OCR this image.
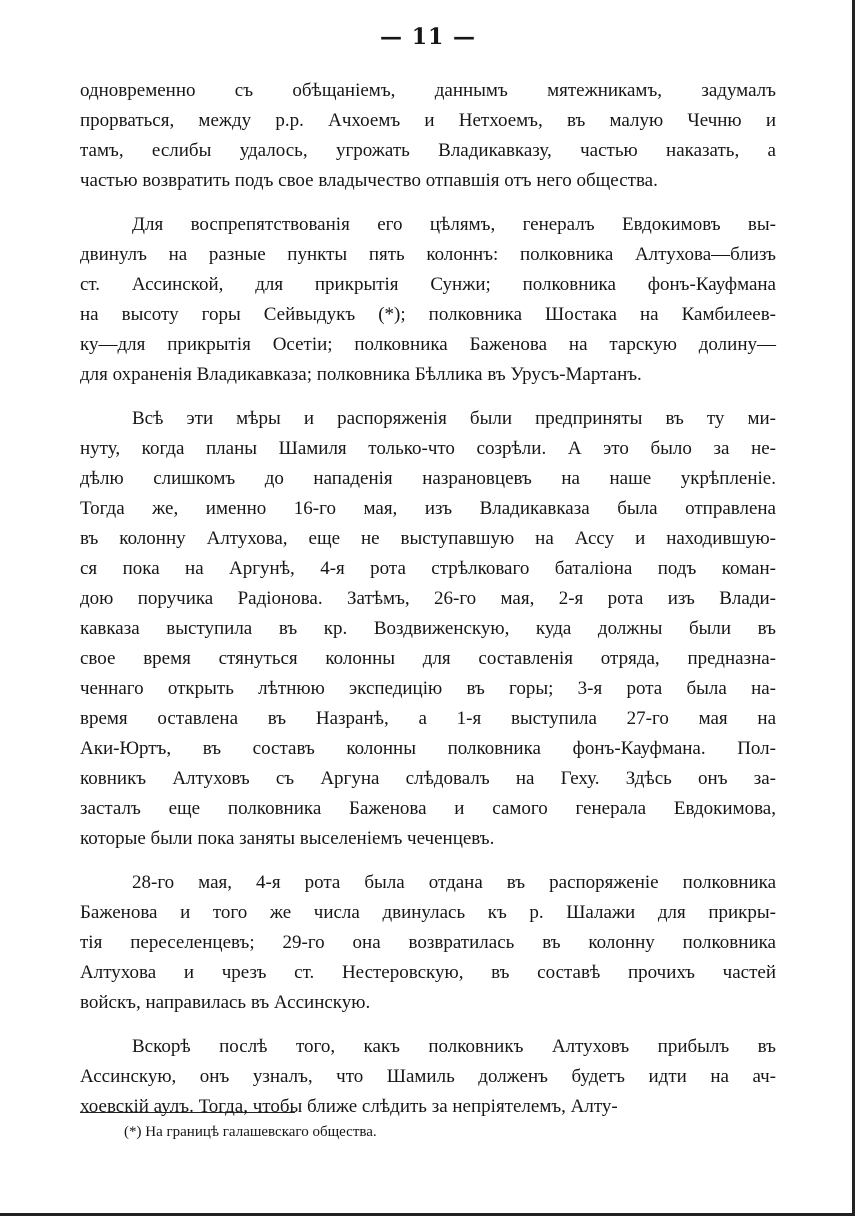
— 11 —
одновременно съ обѣщаніемъ, даннымъ мятежникамъ, задумалъ
прорваться, между р.р. Ачхоемъ и Нетхоемъ, въ малую Чечню и
тамъ, еслибы удалось, угрожать Владикавказу, частью наказать, а
частью возвратить подъ свое владычество отпавшія отъ него общества.
Для воспрепятствованія его цѣлямъ, генералъ Евдокимовъ вы-
двинулъ на разные пункты пять колоннъ: полковника Алтухова—близъ
ст. Ассинской, для прикрытія Сунжи; полковника фонъ-Кауфмана
на высоту горы Сейвыдукъ (*); полковника Шостака на Камбилеев-
ку—для прикрытія Осетіи; полковника Баженова на тарскую долину—
для охраненія Владикавказа; полковника Бѣллика въ Урусъ-Мартанъ.
Всѣ эти мѣры и распоряженія были предприняты въ ту ми-
нуту, когда планы Шамиля только-что созрѣли. А это было за не-
дѣлю слишкомъ до нападенія назрановцевъ на наше укрѣпленіе.
Тогда же, именно 16-го мая, изъ Владикавказа была отправлена
въ колонну Алтухова, еще не выступавшую на Ассу и находившую-
ся пока на Аргунѣ, 4-я рота стрѣлковаго баталіона подъ коман-
дою поручика Радіонова. Затѣмъ, 26-го мая, 2-я рота изъ Влади-
кавказа выступила въ кр. Воздвиженскую, куда должны были въ
свое время стянуться колонны для составленія отряда, предназна-
ченнаго открыть лѣтнюю экспедицію въ горы; 3-я рота была на-
время оставлена въ Назранѣ, а 1-я выступила 27-го мая на
Аки-Юртъ, въ составъ колонны полковника фонъ-Кауфмана. Пол-
ковникъ Алтуховъ съ Аргуна слѣдовалъ на Геху. Здѣсь онъ за-
засталъ еще полковника Баженова и самого генерала Евдокимова,
которые были пока заняты выселеніемъ чеченцевъ.
28-го мая, 4-я рота была отдана въ распоряженіе полковника
Баженова и того же числа двинулась къ р. Шалажи для прикры-
тія переселенцевъ; 29-го она возвратилась въ колонну полковника
Алтухова и чрезъ ст. Нестеровскую, въ составѣ прочихъ частей
войскъ, направилась въ Ассинскую.
Вскорѣ послѣ того, какъ полковникъ Алтуховъ прибылъ въ
Ассинскую, онъ узналъ, что Шамиль долженъ будетъ идти на ач-
хоевскій аулъ. Тогда, чтобы ближе слѣдить за непріятелемъ, Алту-
(*) На границѣ галашевскаго общества.
